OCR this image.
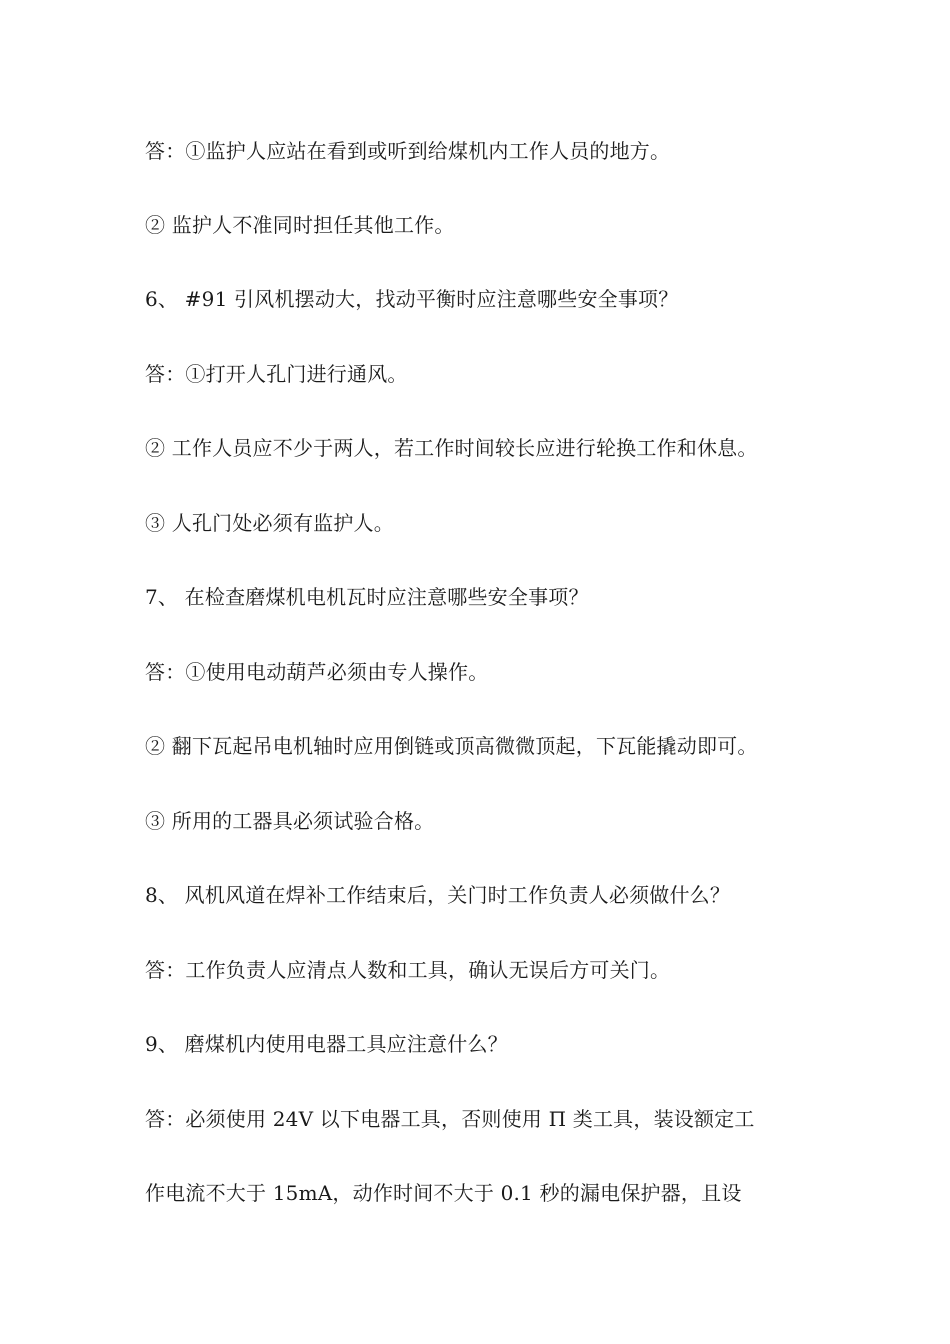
答：①监护人应站在看到或听到给煤机内工作人员的地方。
② 监护人不准同时担任其他工作。
6、 #91 引风机摆动大，找动平衡时应注意哪些安全事项？
答：①打开人孔门进行通风。
② 工作人员应不少于两人，若工作时间较长应进行轮换工作和休息。
③ 人孔门处必须有监护人。
7、 在检查磨煤机电机瓦时应注意哪些安全事项？
答：①使用电动葫芦必须由专人操作。
② 翻下瓦起吊电机轴时应用倒链或顶高微微顶起，下瓦能撬动即可。
③ 所用的工器具必须试验合格。
8、 风机风道在焊补工作结束后，关门时工作负责人必须做什么？
答：工作负责人应清点人数和工具，确认无误后方可关门。
9、 磨煤机内使用电器工具应注意什么？
答：必须使用 24V 以下电器工具，否则使用 Π 类工具，装设额定工
作电流不大于 15mA，动作时间不大于 0.1 秒的漏电保护器，且设
